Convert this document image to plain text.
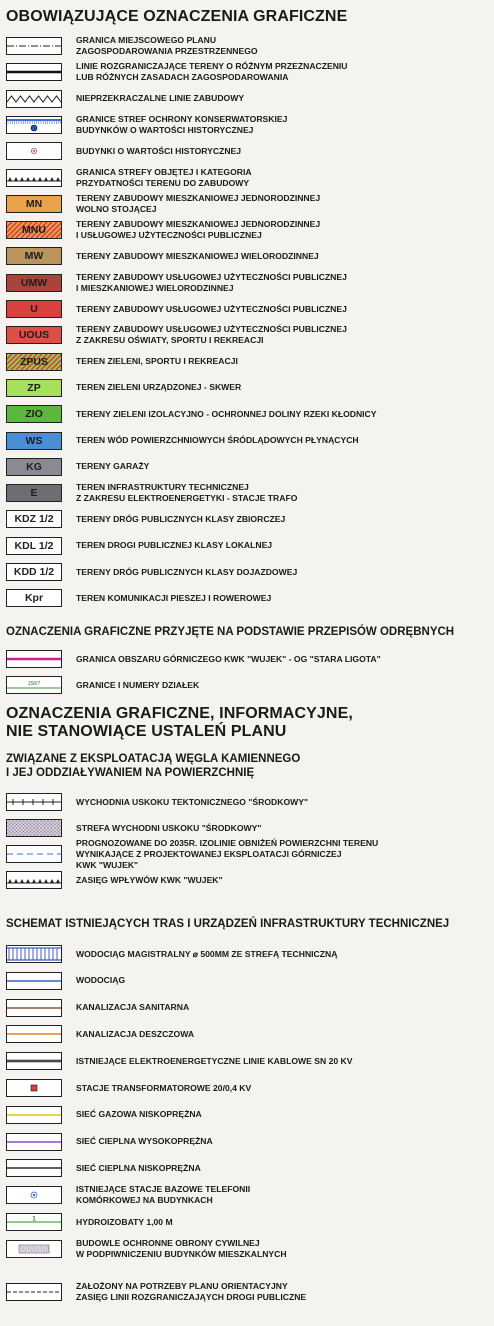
OBOWIĄZUJĄCE OZNACZENIA GRAFICZNE
GRANICA MIEJSCOWEGO PLANU
ZAGOSPODAROWANIA PRZESTRZENNEGO
LINIE ROZGRANICZAJĄCE TERENY O RÓŻNYM PRZEZNACZENIU
LUB RÓŻNYCH ZASADACH ZAGOSPODAROWANIA
NIEPRZEKRACZALNE LINIE ZABUDOWY
GRANICE STREF OCHRONY KONSERWATORSKIEJ
BUDYNKÓW O WARTOŚCI HISTORYCZNEJ
BUDYNKI O WARTOŚCI HISTORYCZNEJ
GRANICA STREFY OBJĘTEJ I KATEGORIA
PRZYDATNOŚCI TERENU DO ZABUDOWY
MN	TERENY ZABUDOWY MIESZKANIOWEJ JEDNORODZINNEJ
WOLNO STOJĄCEJ
MNU	TERENY ZABUDOWY MIESZKANIOWEJ JEDNORODZINNEJ
I USŁUGOWEJ UŻYTECZNOŚCI PUBLICZNEJ
MW	TERENY ZABUDOWY MIESZKANIOWEJ WIELORODZINNEJ
UMW	TERENY ZABUDOWY USŁUGOWEJ UŻYTECZNOŚCI PUBLICZNEJ
I MIESZKANIOWEJ WIELORODZINNEJ
U	TERENY ZABUDOWY USŁUGOWEJ UŻYTECZNOŚCI PUBLICZNEJ
UOUS	TERENY ZABUDOWY USŁUGOWEJ UŻYTECZNOŚCI PUBLICZNEJ
Z ZAKRESU OŚWIATY, SPORTU I REKREACJI
ZPUS	TEREN ZIELENI, SPORTU I REKREACJI
ZP	TEREN ZIELENI URZĄDZONEJ - SKWER
ZIO	TERENY ZIELENI IZOLACYJNO - OCHRONNEJ DOLINY RZEKI KŁODNICY
WS	TEREN WÓD POWIERZCHNIOWYCH ŚRÓDLĄDOWYCH PŁYNĄCYCH
KG	TERENY GARAŻY
E	TEREN INFRASTRUKTURY TECHNICZNEJ
Z ZAKRESU ELEKTROENERGETYKI - STACJE TRAFO
KDZ 1/2	TERENY DRÓG PUBLICZNYCH KLASY ZBIORCZEJ
KDL 1/2	TEREN DROGI PUBLICZNEJ KLASY LOKALNEJ
KDD 1/2	TERENY DRÓG PUBLICZNYCH KLASY DOJAZDOWEJ
Kpr	TEREN KOMUNIKACJI PIESZEJ I ROWEROWEJ
OZNACZENIA GRAFICZNE PRZYJĘTE NA PODSTAWIE PRZEPISÓW ODRĘBNYCH
GRANICA OBSZARU GÓRNICZEGO KWK "WUJEK" - OG "STARA LIGOTA"
158/7	GRANICE I NUMERY DZIAŁEK
OZNACZENIA GRAFICZNE, INFORMACYJNE,
NIE STANOWIĄCE USTALEŃ PLANU
ZWIĄZANE Z EKSPLOATACJĄ WĘGLA KAMIENNEGO
I JEJ ODDZIAŁYWANIEM NA POWIERZCHNIĘ
WYCHODNIA USKOKU TEKTONICZNEGO "ŚRODKOWY"
STREFA WYCHODNI USKOKU "ŚRODKOWY"
PROGNOZOWANE DO 2035R. IZOLINIE OBNIŻEŃ POWIERZCHNI TERENU
WYNIKAJĄCE Z PROJEKTOWANEJ EKSPLOATACJI GÓRNICZEJ
KWK "WUJEK"
ZASIĘG WPŁYWÓW KWK "WUJEK"
SCHEMAT ISTNIEJĄCYCH TRAS I URZĄDZEŃ INFRASTRUKTURY TECHNICZNEJ
WODOCIĄG MAGISTRALNY ⌀ 500MM ZE STREFĄ TECHNICZNĄ
WODOCIĄG
KANALIZACJA SANITARNA
KANALIZACJA DESZCZOWA
ISTNIEJĄCE ELEKTROENERGETYCZNE LINIE KABLOWE SN 20 KV
STACJE TRANSFORMATOROWE 20/0,4 KV
SIEĆ GAZOWA NISKOPRĘŻNA
SIEĆ CIEPLNA WYSOKOPRĘŻNA
SIEĆ CIEPLNA NISKOPRĘŻNA
ISTNIEJĄCE STACJE BAZOWE TELEFONII
KOMÓRKOWEJ NA BUDYNKACH
1	HYDROIZOBATY 1,00 M
BUDOWLE OCHRONNE OBRONY CYWILNEJ
W PODPIWNICZENIU BUDYNKÓW MIESZKALNYCH
ZAŁOŻONY NA POTRZEBY PLANU ORIENTACYJNY
ZASIĘG LINII ROZGRANICZAJĄYCH DROGI PUBLICZNE
